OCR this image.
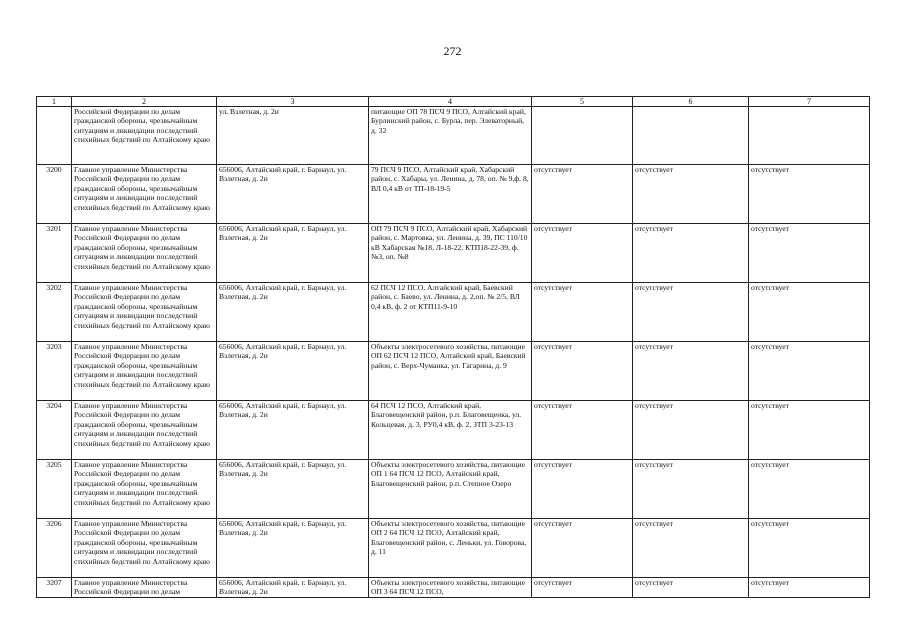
272
1	2	3	4	5	6	7
	Российской Федерации по делам гражданской обороны, чрезвычайным ситуациям и ликвидации последствий стихийных бедствий по Алтайскому краю	ул. Взлетная, д. 2и	питающие ОП 78 ПСЧ 9 ПСО, Алтайский край, Бурлинский район, с. Бурла, пер. Элеваторный, д. 32			
3200	Главное управление Министерства Российской Федерации по делам гражданской обороны, чрезвычайным ситуациям и ликвидации последствий стихийных бедствий по Алтайскому краю	656006, Алтайский край, г. Барнаул, ул. Взлетная, д. 2и	79 ПСЧ 9 ПСО, Алтайский край, Хабарский район, с. Хабары, ул. Ленина, д. 78, оп. № 9,ф. 8, ВЛ 0,4 кВ от ТП-18-19-5	отсутствует	отсутствует	отсутствует
3201	Главное управление Министерства Российской Федерации по делам гражданской обороны, чрезвычайным ситуациям и ликвидации последствий стихийных бедствий по Алтайскому краю	656006, Алтайский край, г. Барнаул, ул. Взлетная, д. 2и	ОП 79 ПСЧ 9 ПСО, Алтайский край, Хабарский район, с. Мартовка, ул. Ленина, д. 39, ПС 110/10 кВ Хабарская №18, Л-18-22, КТП18-22-39, ф. №3, оп. №8	отсутствует	отсутствует	отсутствует
3202	Главное управление Министерства Российской Федерации по делам гражданской обороны, чрезвычайным ситуациям и ликвидации последствий стихийных бедствий по Алтайскому краю	656006, Алтайский край, г. Барнаул, ул. Взлетная, д. 2и	62 ПСЧ 12 ПСО, Алтайский край, Баевский район, с. Баево, ул. Ленина, д. 2,оп. № 2/5, ВЛ 0,4 кВ, ф. 2 от КТП11-9-10	отсутствует	отсутствует	отсутствует
3203	Главное управление Министерства Российской Федерации по делам гражданской обороны, чрезвычайным ситуациям и ликвидации последствий стихийных бедствий по Алтайскому краю	656006, Алтайский край, г. Барнаул, ул. Взлетная, д. 2и	Объекты электросетевого хозяйства, питающие ОП 62 ПСЧ 12 ПСО, Алтайский край, Баевский район, с. Верх-Чуманка, ул. Гагарина, д. 9	отсутствует	отсутствует	отсутствует
3204	Главное управление Министерства Российской Федерации по делам гражданской обороны, чрезвычайным ситуациям и ликвидации последствий стихийных бедствий по Алтайскому краю	656006, Алтайский край, г. Барнаул, ул. Взлетная, д. 2и	64 ПСЧ 12 ПСО, Алтайский край, Благовещенский район, р.п. Благовещенка, ул. Кольцевая, д. 3, РУ0,4 кВ, ф. 2, ЗТП 3-23-13	отсутствует	отсутствует	отсутствует
3205	Главное управление Министерства Российской Федерации по делам гражданской обороны, чрезвычайным ситуациям и ликвидации последствий стихийных бедствий по Алтайскому краю	656006, Алтайский край, г. Барнаул, ул. Взлетная, д. 2и	Объекты электросетевого хозяйства, питающие ОП 1 64 ПСЧ 12 ПСО, Алтайский край, Благовещенский район, р.п. Степное Озеро	отсутствует	отсутствует	отсутствует
3206	Главное управление Министерства Российской Федерации по делам гражданской обороны, чрезвычайным ситуациям и ликвидации последствий стихийных бедствий по Алтайскому краю	656006, Алтайский край, г. Барнаул, ул. Взлетная, д. 2и	Объекты электросетевого хозяйства, питающие ОП 2 64 ПСЧ 12 ПСО, Алтайский край, Благовещенский район, с. Леньки, ул. Говорова, д. 11	отсутствует	отсутствует	отсутствует
3207	Главное управление Министерства Российской Федерации по делам	656006, Алтайский край, г. Барнаул, ул. Взлетная, д. 2и	Объекты электросетевого хозяйства, питающие ОП 3 64 ПСЧ 12 ПСО,	отсутствует	отсутствует	отсутствует
